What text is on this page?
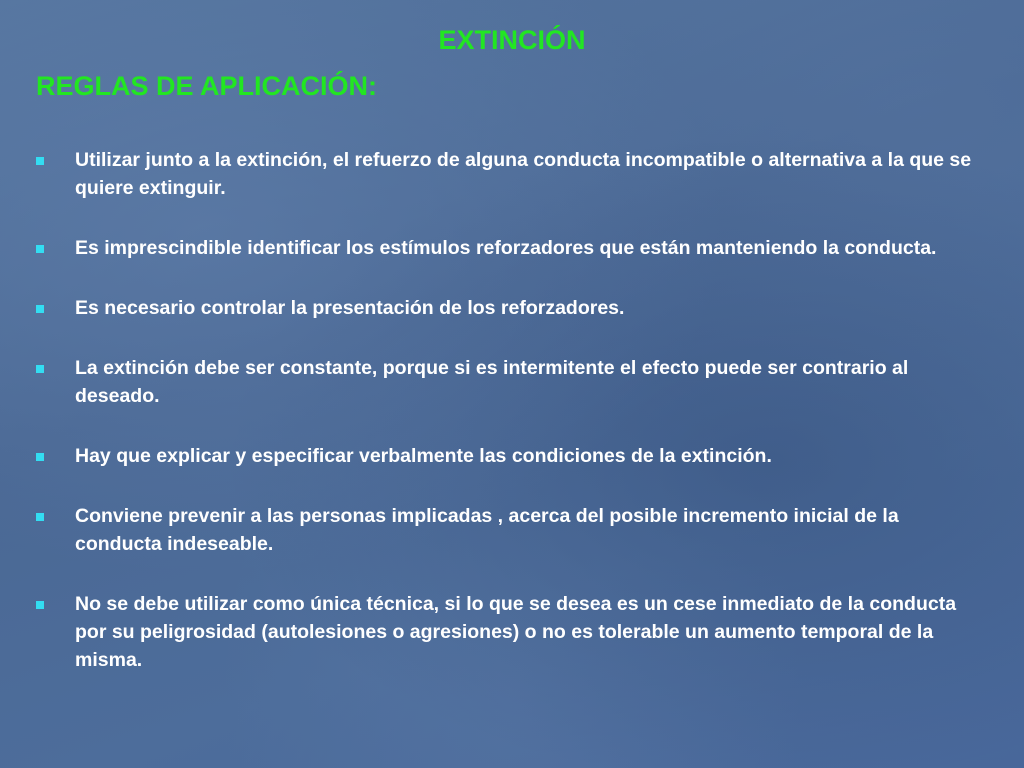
EXTINCIÓN
REGLAS DE APLICACIÓN:
Utilizar junto a la extinción, el refuerzo de alguna conducta incompatible o alternativa a la que se quiere extinguir.
Es imprescindible identificar los estímulos reforzadores que están manteniendo la conducta.
Es necesario controlar la presentación de los reforzadores.
La extinción debe ser constante, porque si es intermitente el efecto puede ser contrario al deseado.
Hay que explicar y especificar verbalmente las condiciones de la extinción.
Conviene prevenir a las personas implicadas , acerca del posible incremento inicial de la conducta indeseable.
No se debe utilizar como única técnica, si lo que se desea es un cese inmediato de la conducta por su peligrosidad (autolesiones o agresiones) o no es tolerable un aumento temporal de la misma.
